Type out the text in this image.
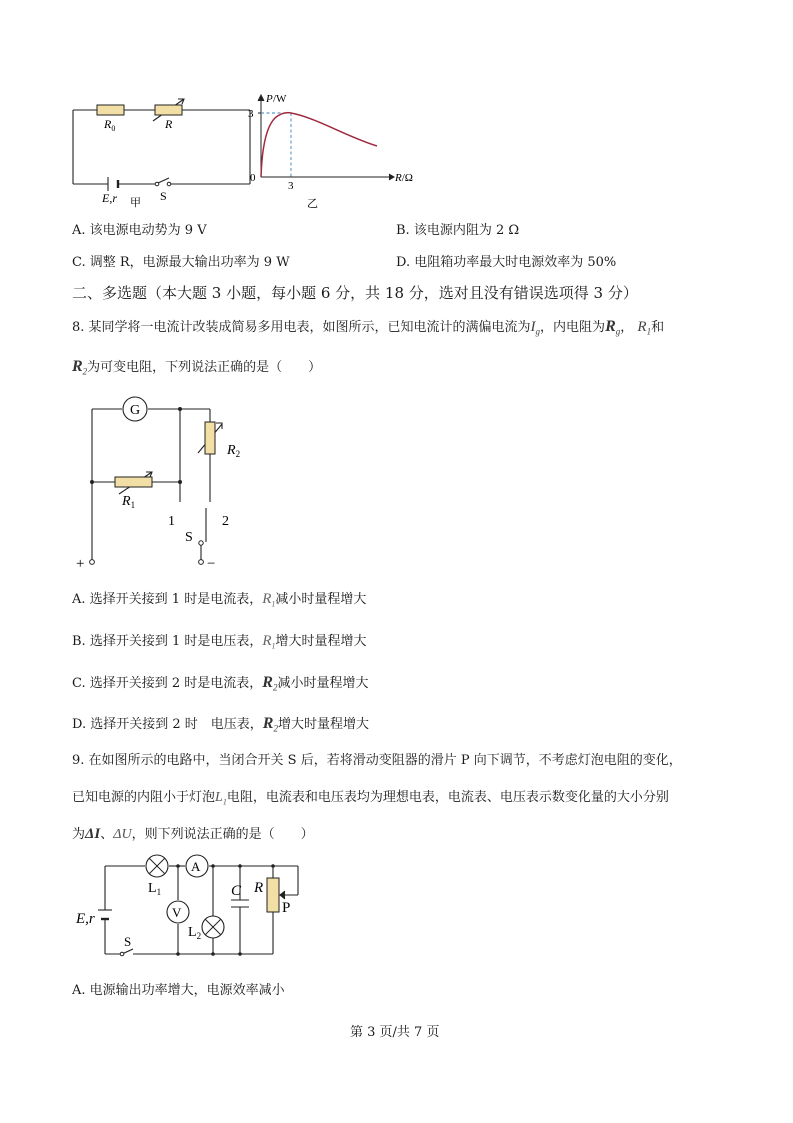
$R_0$	R
E,r	S
甲
P /W
R/Ω
3
0
3
乙
A. 该电源电动势为 9 V	B. 该电源内阻为 2 Ω
C. 调整 R，电源最大输出功率为 9 W	D. 电阻箱功率最大时电源效率为 50%
二、多选题（本大题 3 小题，每小题 6 分，共 18 分，选对且没有错误选项得 3 分）
8. 某同学将一电流计改装成简易多用电表，如图所示，已知电流计的满偏电流为$I_g$，内电阻为$R_g$， $R_1$和
$R_2$为可变电阻，下列说法正确的是（　　）
G
$R_1$
$R_2$
1	2
S
+	−
A. 选择开关接到 1 时是电流表，$R_1$减小时量程增大
B. 选择开关接到 1 时是电压表，$R_1$增大时量程增大
C. 选择开关接到 2 时是电流表，$R_2$减小时量程增大
D. 选择开关接到 2 时　电压表，$R_2$增大时量程增大
9. 在如图所示的电路中，当闭合开关 S 后，若将滑动变阻器的滑片 P 向下调节，不考虑灯泡电阻的变化，
已知电源的内阻小于灯泡$L_1$电阻，电流表和电压表均为理想电表，电流表、电压表示数变化量的大小分别
为ΔI、ΔU，则下列说法正确的是（　　）
A
V
$L_1$
$L_2$
C R
P
E,r
S
A. 电源输出功率增大，电源效率减小
第 3 页/共 7 页
